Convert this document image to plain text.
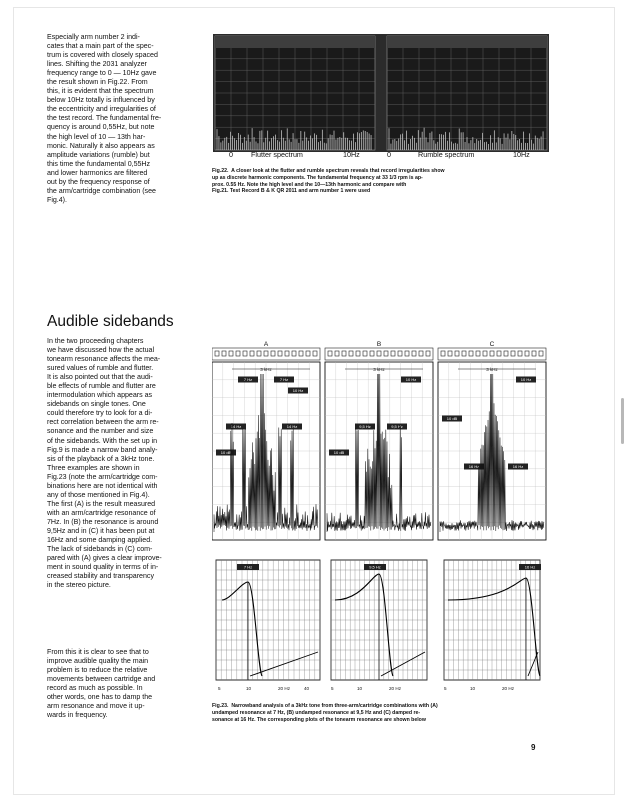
Especially arm number 2 indi-
cates that a main part of the spec-
trum is covered with closely spaced
lines. Shifting the 2031 analyzer
frequency range to 0 — 10Hz gave
the result shown in Fig.22. From
this, it is evident that the spectrum
below 10Hz totally is influenced by
the eccentricity and irregularities of
the test record. The fundamental fre-
quency is around 0,55Hz, but note
the high level of 10 — 13th har-
monic. Naturally it also appears as
amplitude variations (rumble) but
this time the fundamental 0,55Hz
and lower harmonics are filtered
out by the frequency response of
the arm/cartridge combination (see
Fig.4).
0	Flutter spectrum	10Hz	0	Rumble spectrum	10Hz
Fig.22.  A closer look at the flutter and rumble spectrum reveals that record irregularities show
up as discrete harmonic components. The fundamental frequency at 33 1/3 rpm is ap-
prox. 0.55 Hz. Note the high level and the 10—13th harmonic and compare with
Fig.21. Test Record B & K QR 2011 and arm number 1 were used
Audible sidebands
In the two proceeding chapters
we have discussed how the actual
tonearm resonance affects the mea-
sured values of rumble and flutter.
It is also pointed out that the audi-
ble effects of rumble and flutter are
intermodulation which appears as
sidebands on single tones. One
could therefore try to look for a di-
rect correlation between the arm re-
sonance and the number and size
of the sidebands. With the set up in
Fig.9 is made a narrow band analy-
sis of the playback of a 3kHz tone.
Three examples are shown in
Fig.23 (note the arm/cartridge com-
binations here are not identical with
any of those mentioned in Fig.4).
The first (A) is the result measured
with an arm/cartridge resonance of
7Hz. In (B) the resonance is around
9,5Hz and in (C) it has been put at
16Hz and some damping applied.
The lack of sidebands in (C) com-
pared with (A) gives a clear improve-
ment in sound quality in terms of in-
creased stability and transparency
in the stereo picture.
From this it is clear to see that to
improve audible quality the main
problem is to reduce the relative
movements between cartridge and
record as much as possible. In
other words, one has to damp the
arm resonance and move it up-
wards in frequency.
A
3 kHz
7 Hz	7 Hz
10 Hz
14 Hz	14 Hz
10 dB
7 Hz
5	10	20 Hz	40
B
3 kHz
10 Hz
9,5 Hz	9,5 Hz
10 dB
9,5 Hz
5	10	20 Hz
C
3 kHz
10 Hz
10 dB
16 Hz	16 Hz
16 Hz
5	10	20 Hz
Fig.23.  Narrowband analysis of a 3kHz tone from three-arm/cartridge combinations with (A)
undamped resonance at 7 Hz, (B) undamped resonance at 9,5 Hz and (C) damped re-
sonance at 16 Hz. The corresponding plots of the tonearm resonance are shown below
9
